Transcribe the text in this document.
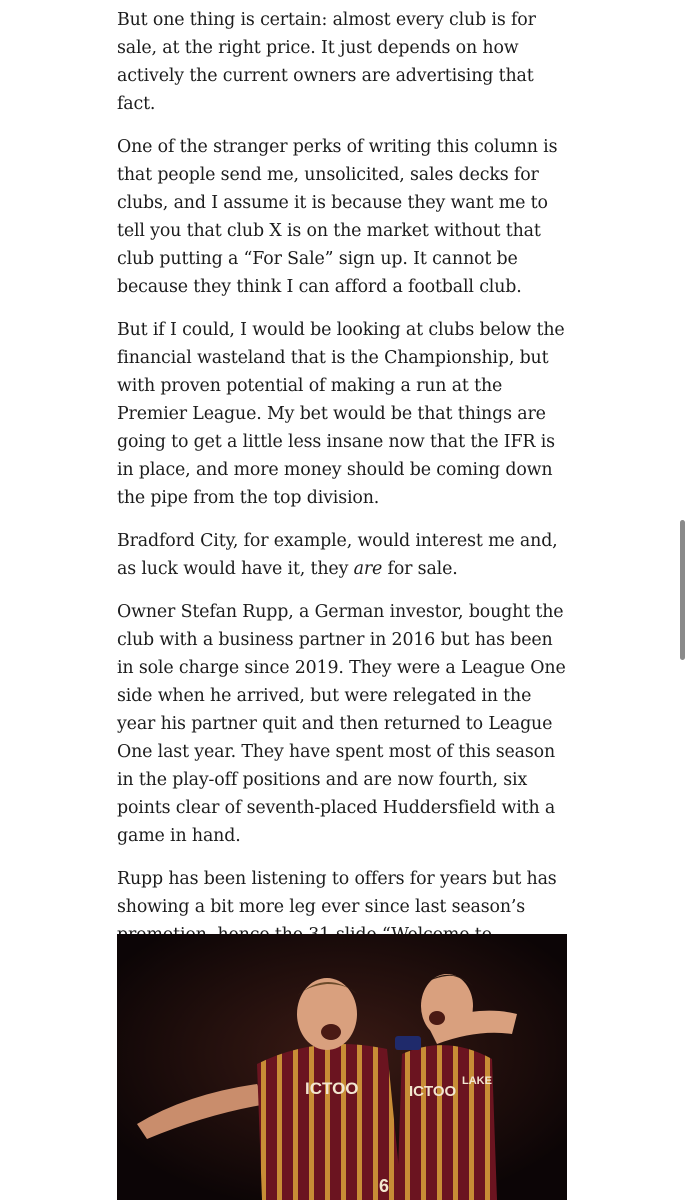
But one thing is certain: almost every club is for sale, at the right price. It just depends on how actively the current owners are advertising that fact.

One of the stranger perks of writing this column is that people send me, unsolicited, sales decks for clubs, and I assume it is because they want me to tell you that club X is on the market without that club putting a “For Sale” sign up. It cannot be because they think I can afford a football club.

But if I could, I would be looking at clubs below the financial wasteland that is the Championship, but with proven potential of making a run at the Premier League. My bet would be that things are going to get a little less insane now that the IFR is in place, and more money should be coming down the pipe from the top division.

Bradford City, for example, would interest me and, as luck would have it, they are for sale.

Owner Stefan Rupp, a German investor, bought the club with a business partner in 2016 but has been in sole charge since 2019. They were a League One side when he arrived, but were relegated in the year his partner quit and then returned to League One last year. They have spent most of this season in the play-off positions and are now fourth, six points clear of seventh-placed Huddersfield with a game in hand.

Rupp has been listening to offers for years but has showing a bit more leg ever since last season’s

ICTOO	ICTOO
LAKE
6
